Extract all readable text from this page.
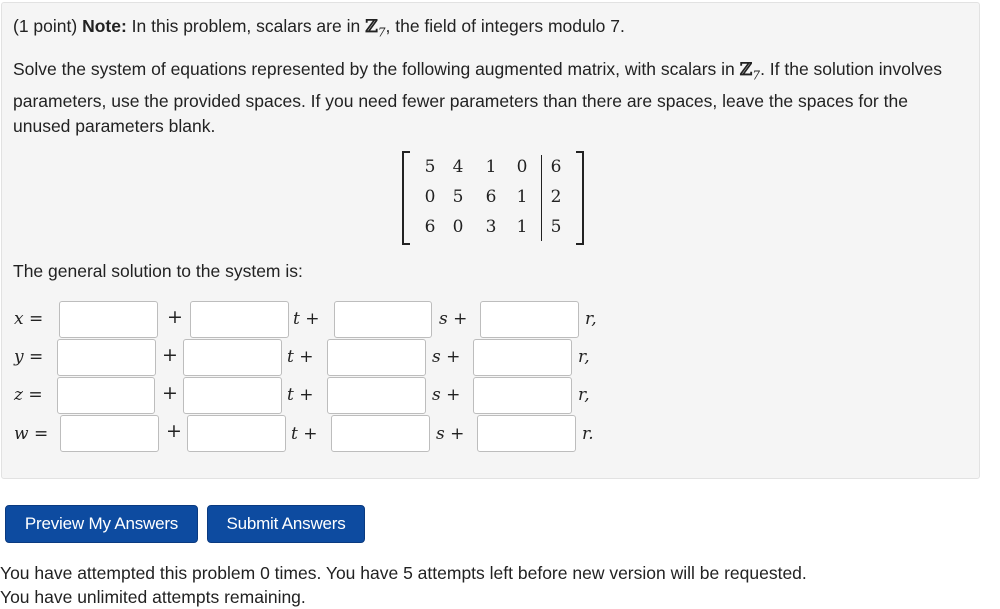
(1 point) Note: In this problem, scalars are in ℤ$_7$, the field of integers modulo 7.

Solve the system of equations represented by the following augmented matrix, with scalars in ℤ$_7$. If the solution involves parameters, use the provided spaces. If you need fewer parameters than there are spaces, leave the spaces for the unused parameters blank.

5 4 1 0 6
0 5 6 1 2
6 0 3 1 5

The general solution to the system is:

x =	+	t +	s +	r,
y =	+	t +	s +	r,
z =	+	t +	s +	r,
w =	+	t +	s +	r.
Preview My Answers	Submit Answers

You have attempted this problem 0 times. You have 5 attempts left before new version will be requested.

You have unlimited attempts remaining.
